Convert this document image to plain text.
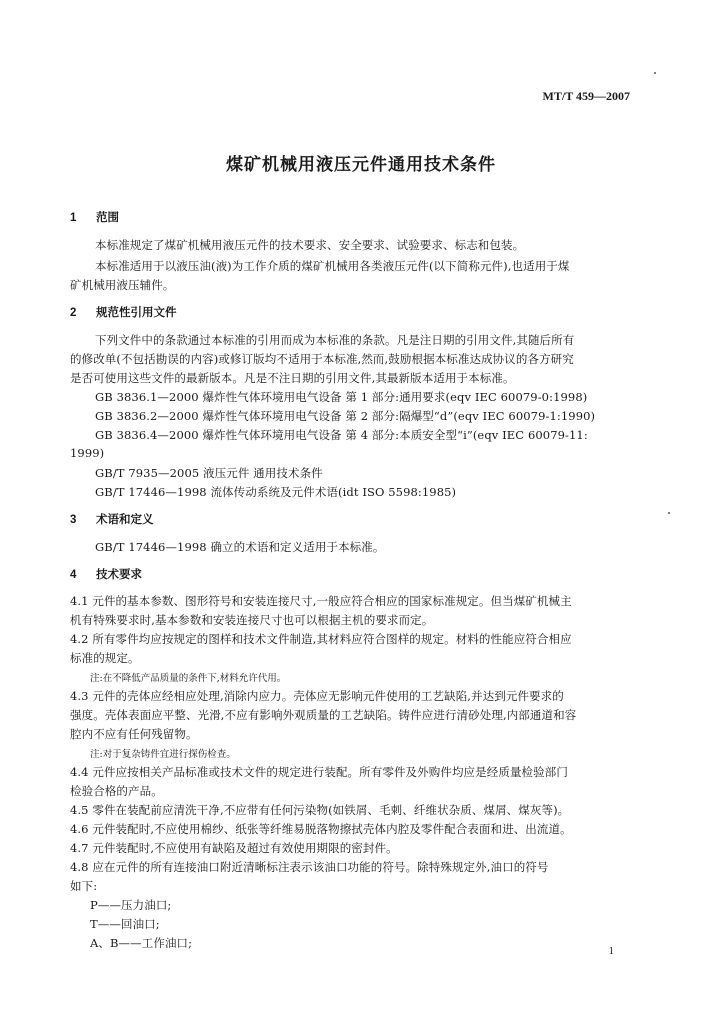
MT/T 459—2007
煤矿机械用液压元件通用技术条件
1 范围
本标准规定了煤矿机械用液压元件的技术要求、安全要求、试验要求、标志和包装。
本标准适用于以液压油(液)为工作介质的煤矿机械用各类液压元件(以下简称元件),也适用于煤
矿机械用液压辅件。
2 规范性引用文件
下列文件中的条款通过本标准的引用而成为本标准的条款。凡是注日期的引用文件,其随后所有
的修改单(不包括勘误的内容)或修订版均不适用于本标准,然而,鼓励根据本标准达成协议的各方研究
是否可使用这些文件的最新版本。凡是不注日期的引用文件,其最新版本适用于本标准。
GB 3836.1—2000 爆炸性气体环境用电气设备 第 1 部分:通用要求(eqv IEC 60079-0:1998)
GB 3836.2—2000 爆炸性气体环境用电气设备 第 2 部分:隔爆型“d”(eqv IEC 60079-1:1990)
GB 3836.4—2000 爆炸性气体环境用电气设备 第 4 部分:本质安全型“i”(eqv IEC 60079-11:
1999)
GB/T 7935—2005 液压元件 通用技术条件
GB/T 17446—1998 流体传动系统及元件术语(idt ISO 5598:1985)
3 术语和定义
GB/T 17446—1998 确立的术语和定义适用于本标准。
4 技术要求
4.1 元件的基本参数、图形符号和安装连接尺寸,一般应符合相应的国家标准规定。但当煤矿机械主
机有特殊要求时,基本参数和安装连接尺寸也可以根据主机的要求而定。
4.2 所有零件均应按规定的图样和技术文件制造,其材料应符合图样的规定。材料的性能应符合相应
标准的规定。
注:在不降低产品质量的条件下,材料允许代用。
4.3 元件的壳体应经相应处理,消除内应力。壳体应无影响元件使用的工艺缺陷,并达到元件要求的
强度。壳体表面应平整、光滑,不应有影响外观质量的工艺缺陷。铸件应进行清砂处理,内部通道和容
腔内不应有任何残留物。
注:对于复杂铸件宜进行探伤检查。
4.4 元件应按相关产品标准或技术文件的规定进行装配。所有零件及外购件均应是经质量检验部门
检验合格的产品。
4.5 零件在装配前应清洗干净,不应带有任何污染物(如铁屑、毛刺、纤维状杂质、煤屑、煤灰等)。
4.6 元件装配时,不应使用棉纱、纸张等纤维易脱落物擦拭壳体内腔及零件配合表面和进、出流道。
4.7 元件装配时,不应使用有缺陷及超过有效使用期限的密封件。
4.8 应在元件的所有连接油口附近清晰标注表示该油口功能的符号。除特殊规定外,油口的符号
如下:
P——压力油口;
T——回油口;
A、B——工作油口;
1
